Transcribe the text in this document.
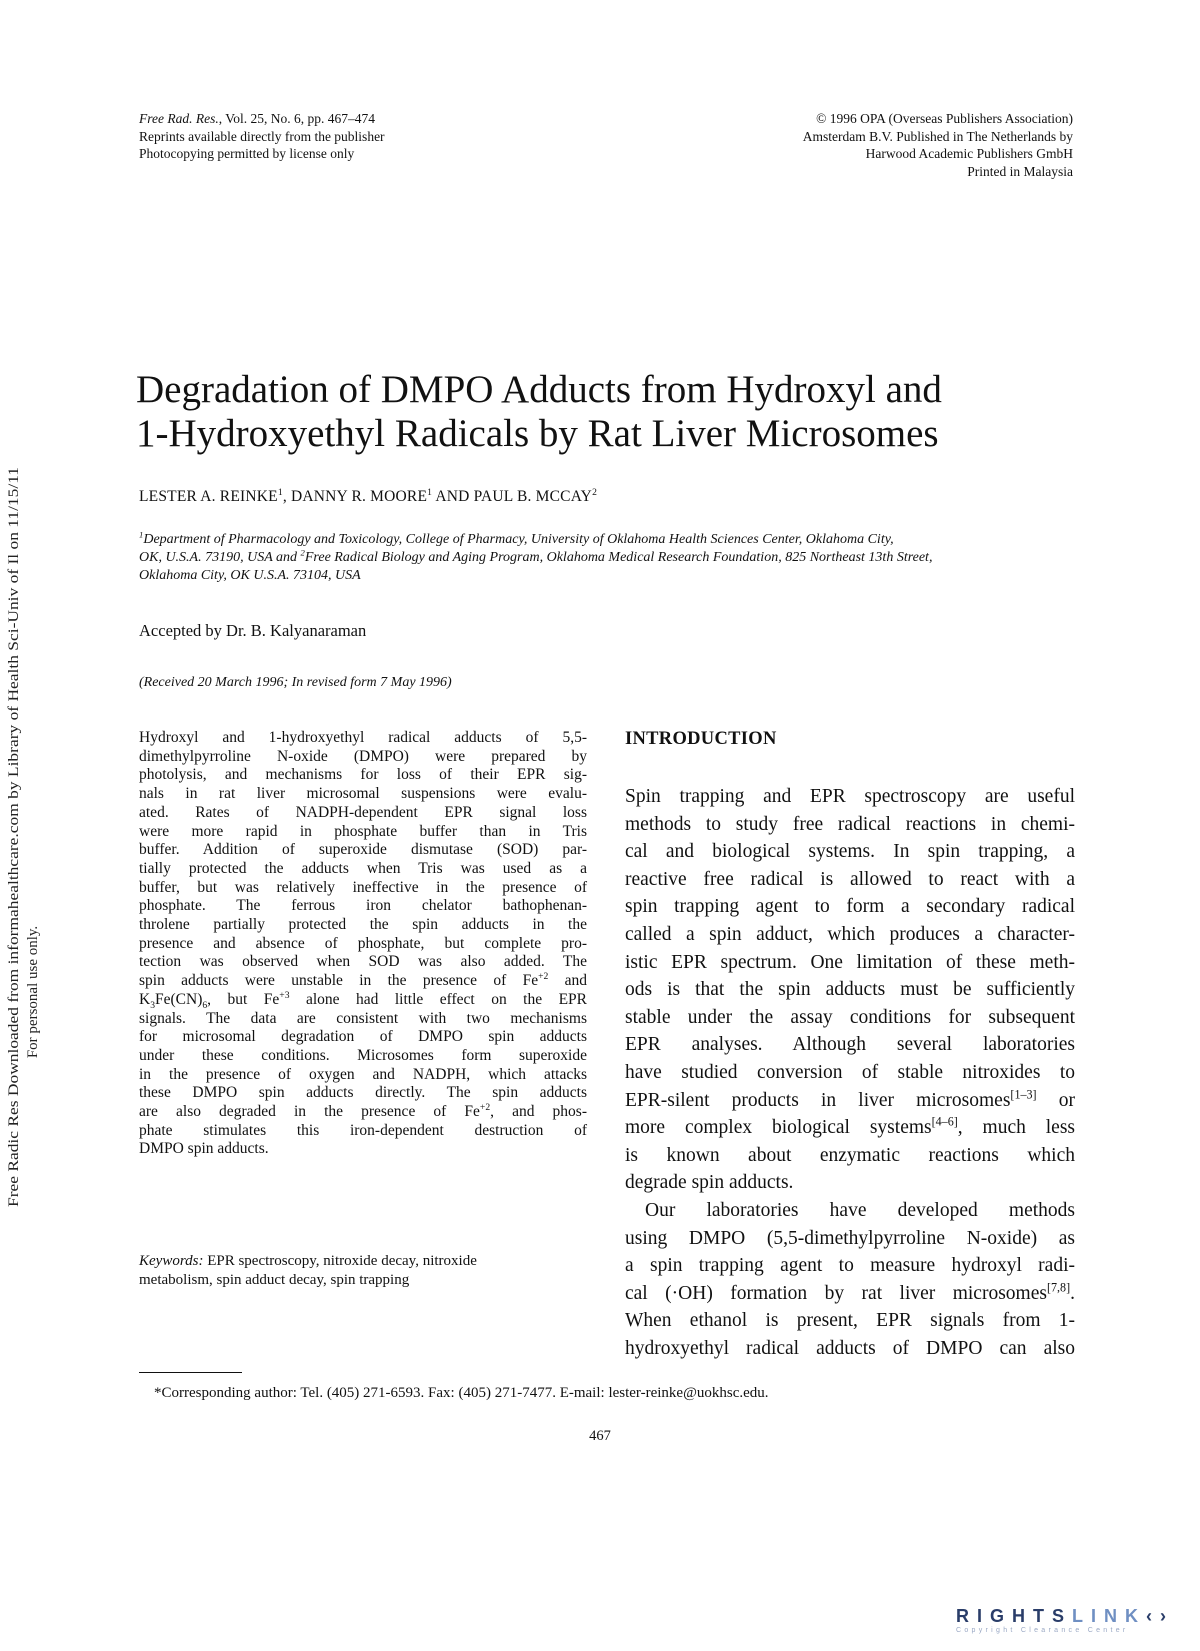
Free Radic Res Downloaded from informahealthcare.com by Library of Health Sci-Univ of Il on 11/15/11 For personal use only.
Free Rad. Res., Vol. 25, No. 6, pp. 467–474
Reprints available directly from the publisher
Photocopying permitted by license only
© 1996 OPA (Overseas Publishers Association)
Amsterdam B.V. Published in The Netherlands by
Harwood Academic Publishers GmbH
Printed in Malaysia
Degradation of DMPO Adducts from Hydroxyl and
1-Hydroxyethyl Radicals by Rat Liver Microsomes
LESTER A. REINKE$^1$, DANNY R. MOORE$^1$ AND PAUL B. MCCAY$^2$
$^1$Department of Pharmacology and Toxicology, College of Pharmacy, University of Oklahoma Health Sciences Center, Oklahoma City,
OK, U.S.A. 73190, USA and $^2$Free Radical Biology and Aging Program, Oklahoma Medical Research Foundation, 825 Northeast 13th Street,
Oklahoma City, OK U.S.A. 73104, USA
Accepted by Dr. B. Kalyanaraman
(Received 20 March 1996; In revised form 7 May 1996)
Hydroxyl and 1-hydroxyethyl radical adducts of 5,5-
dimethylpyrroline N-oxide (DMPO) were prepared by
photolysis, and mechanisms for loss of their EPR sig-
nals in rat liver microsomal suspensions were evalu-
ated. Rates of NADPH-dependent EPR signal loss
were more rapid in phosphate buffer than in Tris
buffer. Addition of superoxide dismutase (SOD) par-
tially protected the adducts when Tris was used as a
buffer, but was relatively ineffective in the presence of
phosphate. The ferrous iron chelator bathophenan-
throlene partially protected the spin adducts in the
presence and absence of phosphate, but complete pro-
tection was observed when SOD was also added. The
spin adducts were unstable in the presence of $Fe^{+2}$ and
$K_3Fe(CN)_6$, but $Fe^{+3}$ alone had little effect on the EPR
signals. The data are consistent with two mechanisms
for microsomal degradation of DMPO spin adducts
under these conditions. Microsomes form superoxide
in the presence of oxygen and NADPH, which attacks
these DMPO spin adducts directly. The spin adducts
are also degraded in the presence of $Fe^{+2}$, and phos-
phate stimulates this iron-dependent destruction of
DMPO spin adducts.
Keywords: EPR spectroscopy, nitroxide decay, nitroxide
metabolism, spin adduct decay, spin trapping
INTRODUCTION
Spin trapping and EPR spectroscopy are useful
methods to study free radical reactions in chemi-
cal and biological systems. In spin trapping, a
reactive free radical is allowed to react with a
spin trapping agent to form a secondary radical
called a spin adduct, which produces a character-
istic EPR spectrum. One limitation of these meth-
ods is that the spin adducts must be sufficiently
stable under the assay conditions for subsequent
EPR analyses. Although several laboratories
have studied conversion of stable nitroxides to
EPR-silent products in liver microsomes[1–3] or
more complex biological systems[4–6], much less
is known about enzymatic reactions which
degrade spin adducts.
Our laboratories have developed methods
using DMPO (5,5-dimethylpyrroline N-oxide) as
a spin trapping agent to measure hydroxyl radi-
cal (·OH) formation by rat liver microsomes[7,8].
When ethanol is present, EPR signals from 1-
hydroxyethyl radical adducts of DMPO can also
*Corresponding author: Tel. (405) 271-6593. Fax: (405) 271-7477. E-mail: lester-reinke@uokhsc.edu.
467
RIGHTSLINK‹›
Copyright Clearance Center
